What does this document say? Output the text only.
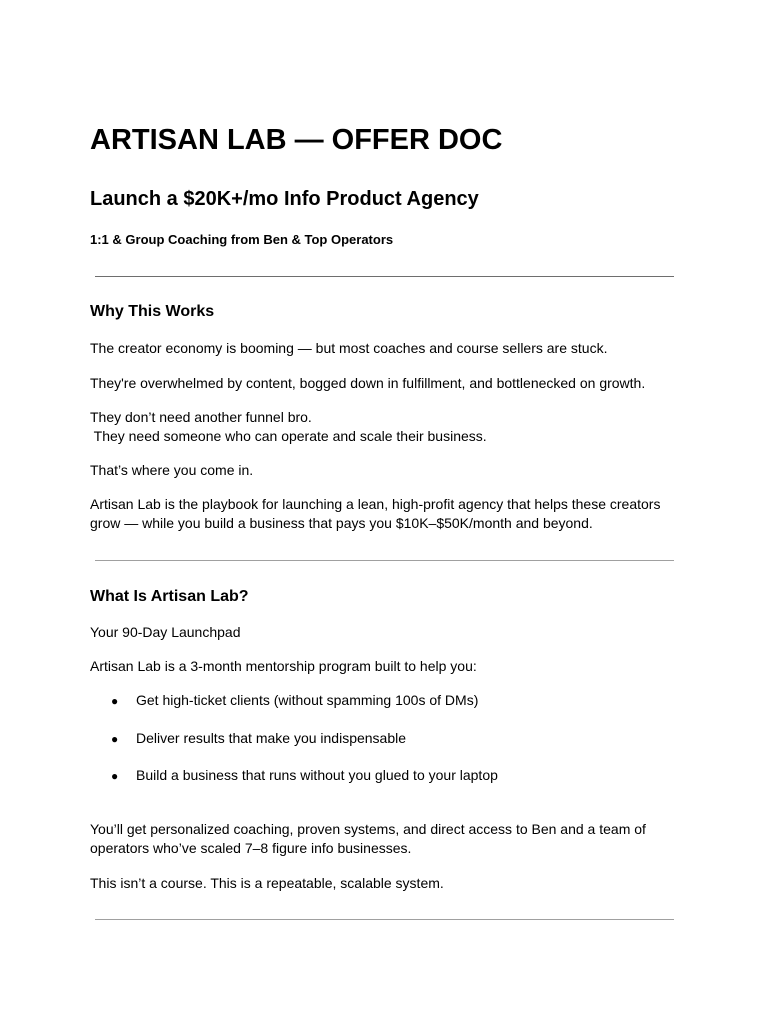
ARTISAN LAB — OFFER DOC
Launch a $20K+/mo Info Product Agency

1:1 & Group Coaching from Ben & Top Operators

Why This Works

The creator economy is booming — but most coaches and course sellers are stuck.

They're overwhelmed by content, bogged down in fulfillment, and bottlenecked on growth.

They don’t need another funnel bro.
They need someone who can operate and scale their business.

That’s where you come in.

Artisan Lab is the playbook for launching a lean, high-profit agency that helps these creators
grow — while you build a business that pays you $10K–$50K/month and beyond.

What Is Artisan Lab?

Your 90-Day Launchpad

Artisan Lab is a 3-month mentorship program built to help you:

● Get high-ticket clients (without spamming 100s of DMs)

● Deliver results that make you indispensable

● Build a business that runs without you glued to your laptop

You’ll get personalized coaching, proven systems, and direct access to Ben and a team of
operators who’ve scaled 7–8 figure info businesses.

This isn’t a course. This is a repeatable, scalable system.
